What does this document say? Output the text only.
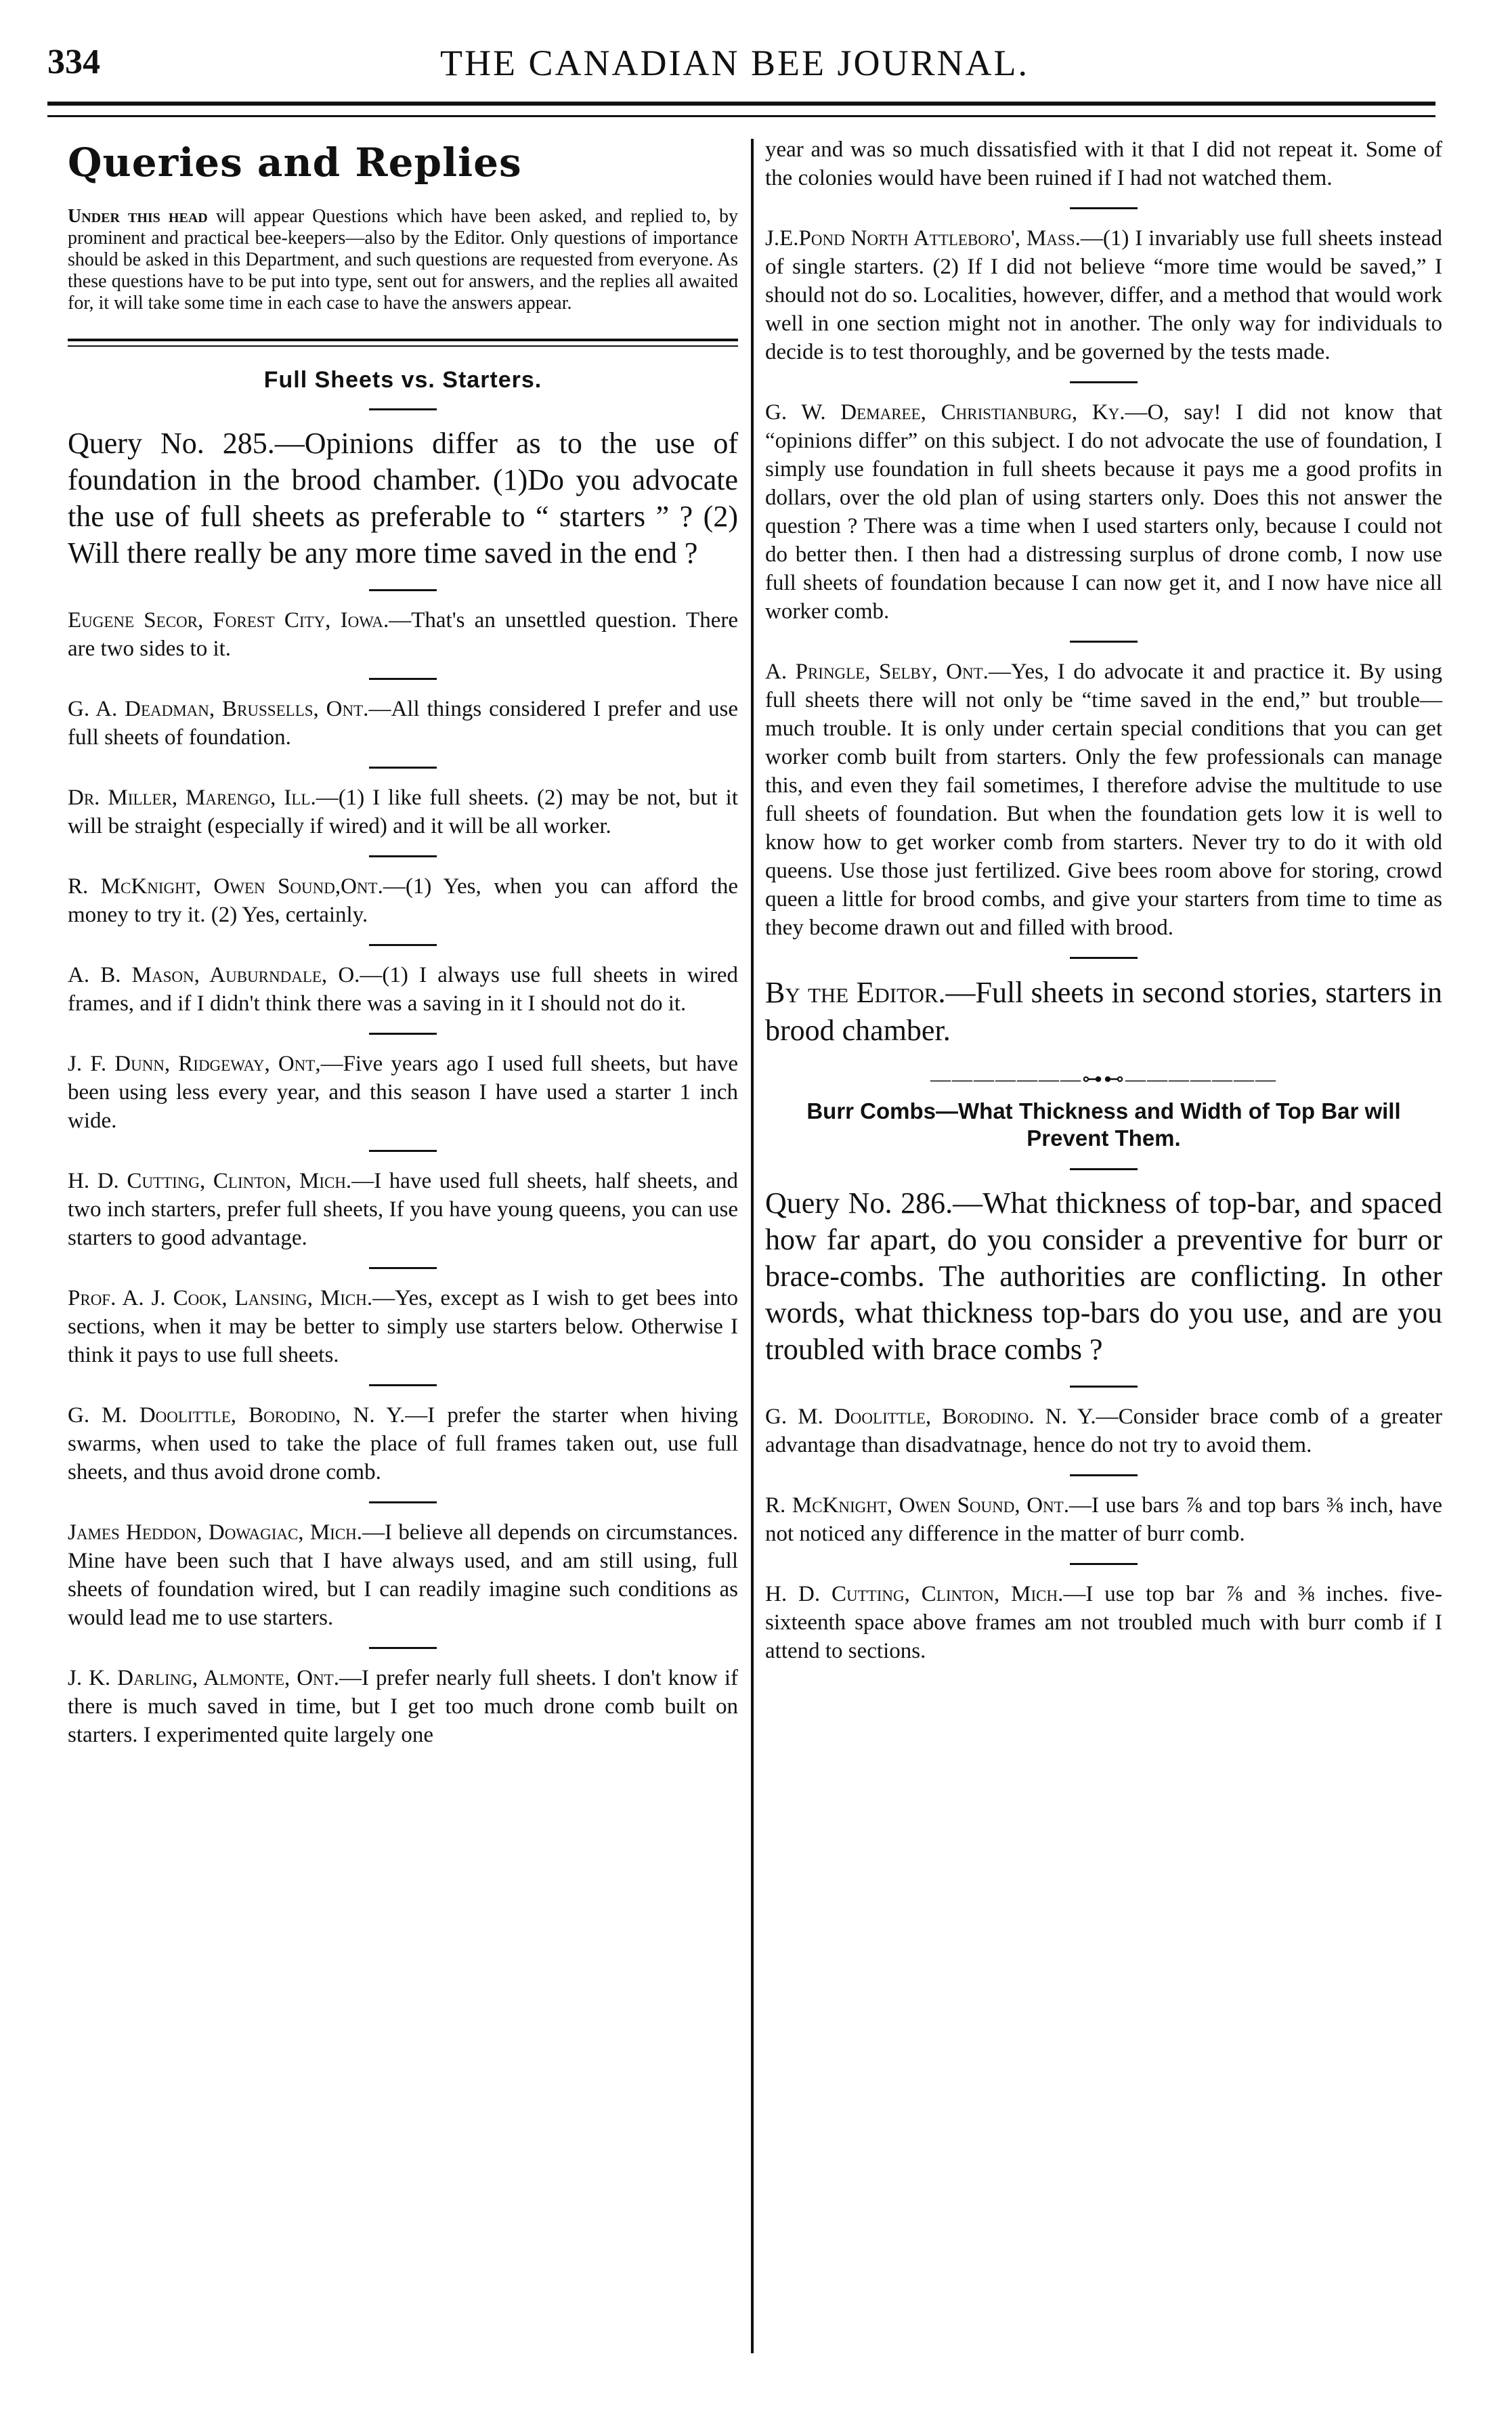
334	THE CANADIAN BEE JOURNAL.
Queries and Replies

Under this head will appear Questions which have been asked, and replied to, by prominent and practical bee-keepers—also by the Editor. Only questions of importance should be asked in this Department, and such questions are requested from everyone. As these questions have to be put into type, sent out for answers, and the replies all awaited for, it will take some time in each case to have the answers appear.

Full Sheets vs. Starters.

Query No. 285.—Opinions differ as to the use of foundation in the brood chamber. (1)Do you advocate the use of full sheets as preferable to “ starters ” ? (2) Will there really be any more time saved in the end ?

Eugene Secor, Forest City, Iowa.—That's an unsettled question. There are two sides to it.

G. A. Deadman, Brussells, Ont.—All things considered I prefer and use full sheets of foundation.

Dr. Miller, Marengo, Ill.—(1) I like full sheets. (2) may be not, but it will be straight (especially if wired) and it will be all worker.

R. McKnight, Owen Sound,Ont.—(1) Yes, when you can afford the money to try it. (2) Yes, certainly.

A. B. Mason, Auburndale, O.—(1) I always use full sheets in wired frames, and if I didn't think there was a saving in it I should not do it.

J. F. Dunn, Ridgeway, Ont,—Five years ago I used full sheets, but have been using less every year, and this season I have used a starter 1 inch wide.

H. D. Cutting, Clinton, Mich.—I have used full sheets, half sheets, and two inch starters, prefer full sheets, If you have young queens, you can use starters to good advantage.

Prof. A. J. Cook, Lansing, Mich.—Yes, except as I wish to get bees into sections, when it may be better to simply use starters below. Otherwise I think it pays to use full sheets.

G. M. Doolittle, Borodino, N. Y.—I prefer the starter when hiving swarms, when used to take the place of full frames taken out, use full sheets, and thus avoid drone comb.

James Heddon, Dowagiac, Mich.—I believe all depends on circumstances. Mine have been such that I have always used, and am still using, full sheets of foundation wired, but I can readily imagine such conditions as would lead me to use starters.

J. K. Darling, Almonte, Ont.—I prefer nearly full sheets. I don't know if there is much saved in time, but I get too much drone comb built on starters. I experimented quite largely one

year and was so much dissatisfied with it that I did not repeat it. Some of the colonies would have been ruined if I had not watched them.

J.E.Pond North Attleboro', Mass.—(1) I invariably use full sheets instead of single starters. (2) If I did not believe “more time would be saved,” I should not do so. Localities, however, differ, and a method that would work well in one section might not in another. The only way for individuals to decide is to test thoroughly, and be governed by the tests made.

G. W. Demaree, Christianburg, Ky.—O, say! I did not know that “opinions differ” on this subject. I do not advocate the use of foundation, I simply use foundation in full sheets because it pays me a good profits in dollars, over the old plan of using starters only. Does this not answer the question ? There was a time when I used starters only, because I could not do better then. I then had a distressing surplus of drone comb, I now use full sheets of foundation because I can now get it, and I now have nice all worker comb.

A. Pringle, Selby, Ont.—Yes, I do advocate it and practice it. By using full sheets there will not only be “time saved in the end,” but trouble—much trouble. It is only under certain special conditions that you can get worker comb built from starters. Only the few professionals can manage this, and even they fail sometimes, I therefore advise the multitude to use full sheets of foundation. But when the foundation gets low it is well to know how to get worker comb from starters. Never try to do it with old queens. Use those just fertilized. Give bees room above for storing, crowd queen a little for brood combs, and give your starters from time to time as they become drawn out and filled with brood.

By the Editor.—Full sheets in second stories, starters in brood chamber.

———————⊶⊷———————
Burr Combs—What Thickness and Width of Top Bar will Prevent Them.

Query No. 286.—What thickness of top-bar, and spaced how far apart, do you consider a preventive for burr or brace-combs. The authorities are conflicting. In other words, what thickness top-bars do you use, and are you troubled with brace combs ?

G. M. Doolittle, Borodino. N. Y.—Consider brace comb of a greater advantage than disadvatnage, hence do not try to avoid them.

R. McKnight, Owen Sound, Ont.—I use bars ⅞ and top bars ⅜ inch, have not noticed any difference in the matter of burr comb.

H. D. Cutting, Clinton, Mich.—I use top bar ⅞ and ⅜ inches. five-sixteenth space above frames am not troubled much with burr comb if I attend to sections.
